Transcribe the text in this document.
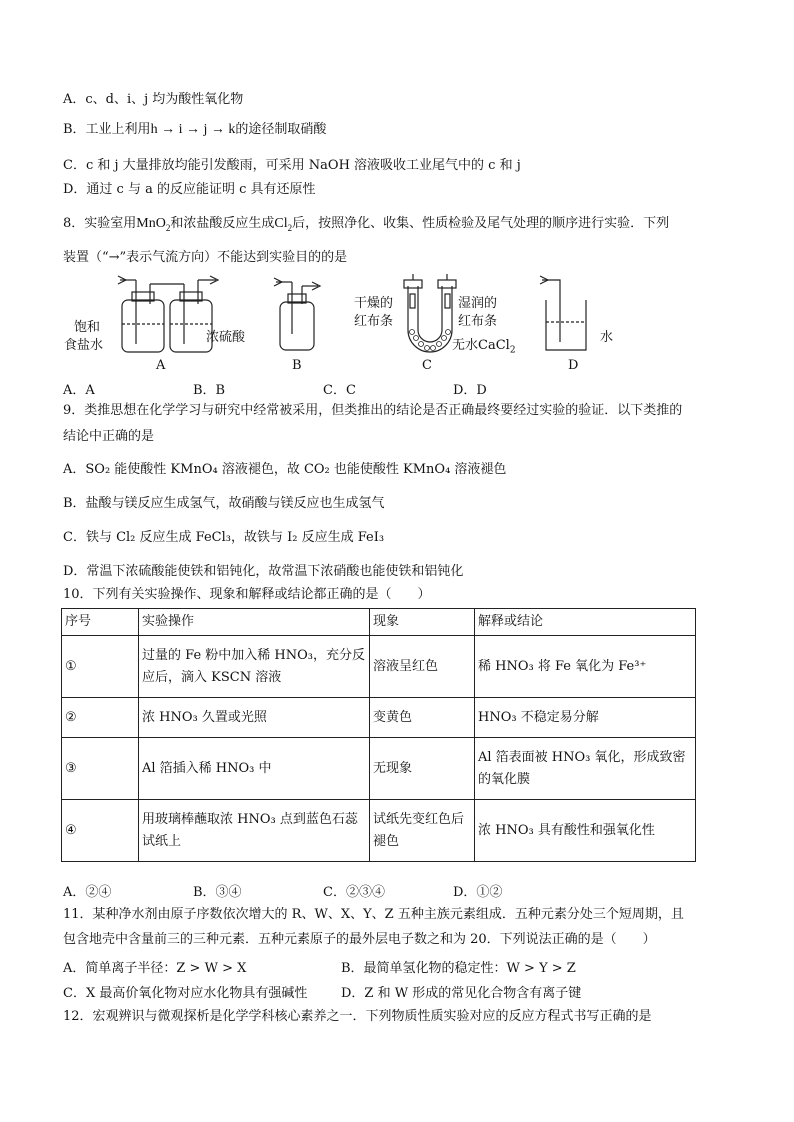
A．c、d、i、j 均为酸性氧化物
B．工业上利用h → i → j → k的途径制取硝酸
C．c 和 j 大量排放均能引发酸雨，可采用 NaOH 溶液吸收工业尾气中的 c 和 j
D．通过 c 与 a 的反应能证明 c 具有还原性
8．实验室用MnO$_2$和浓盐酸反应生成$Cl_2$后，按照净化、收集、性质检验及尾气处理的顺序进行实验．下列
装置（“→”表示气流方向）不能达到实验目的的是
饱和
食盐水
浓硫酸
A	B
干燥的
红布条
湿润的
红布条
无水CaCl$_2$
C
水
D
A．A	B．B	C．C	D．D
9．类推思想在化学学习与研究中经常被采用，但类推出的结论是否正确最终要经过实验的验证．以下类推的
结论中正确的是
A．SO₂ 能使酸性 KMnO₄ 溶液褪色，故 CO₂ 也能使酸性 KMnO₄ 溶液褪色
B．盐酸与镁反应生成氢气，故硝酸与镁反应也生成氢气
C．铁与 Cl₂ 反应生成 FeCl₃，故铁与 I₂ 反应生成 FeI₃
D．常温下浓硫酸能使铁和铝钝化，故常温下浓硝酸也能使铁和铝钝化
10．下列有关实验操作、现象和解释或结论都正确的是（　　）
序号	实验操作	现象	解释或结论
①	过量的 Fe 粉中加入稀 HNO₃，充分反应后，滴入 KSCN 溶液	溶液呈红色	稀 HNO₃ 将 Fe 氧化为 Fe³⁺
②	浓 HNO₃ 久置或光照	变黄色	HNO₃ 不稳定易分解
③	Al 箔插入稀 HNO₃ 中	无现象	Al 箔表面被 HNO₃ 氧化，形成致密的氧化膜
④	用玻璃棒蘸取浓 HNO₃ 点到蓝色石蕊试纸上	试纸先变红色后褪色	浓 HNO₃ 具有酸性和强氧化性
A．②④	B．③④	C．②③④	D．①②
11．某种净水剂由原子序数依次增大的 R、W、X、Y、Z 五种主族元素组成．五种元素分处三个短周期，且
包含地壳中含量前三的三种元素．五种元素原子的最外层电子数之和为 20．下列说法正确的是（　　）
A．简单离子半径：Z > W > X	B．最简单氢化物的稳定性：W > Y > Z
C．X 最高价氧化物对应水化物具有强碱性	D．Z 和 W 形成的常见化合物含有离子键
12．宏观辨识与微观探析是化学学科核心素养之一．下列物质性质实验对应的反应方程式书写正确的是
